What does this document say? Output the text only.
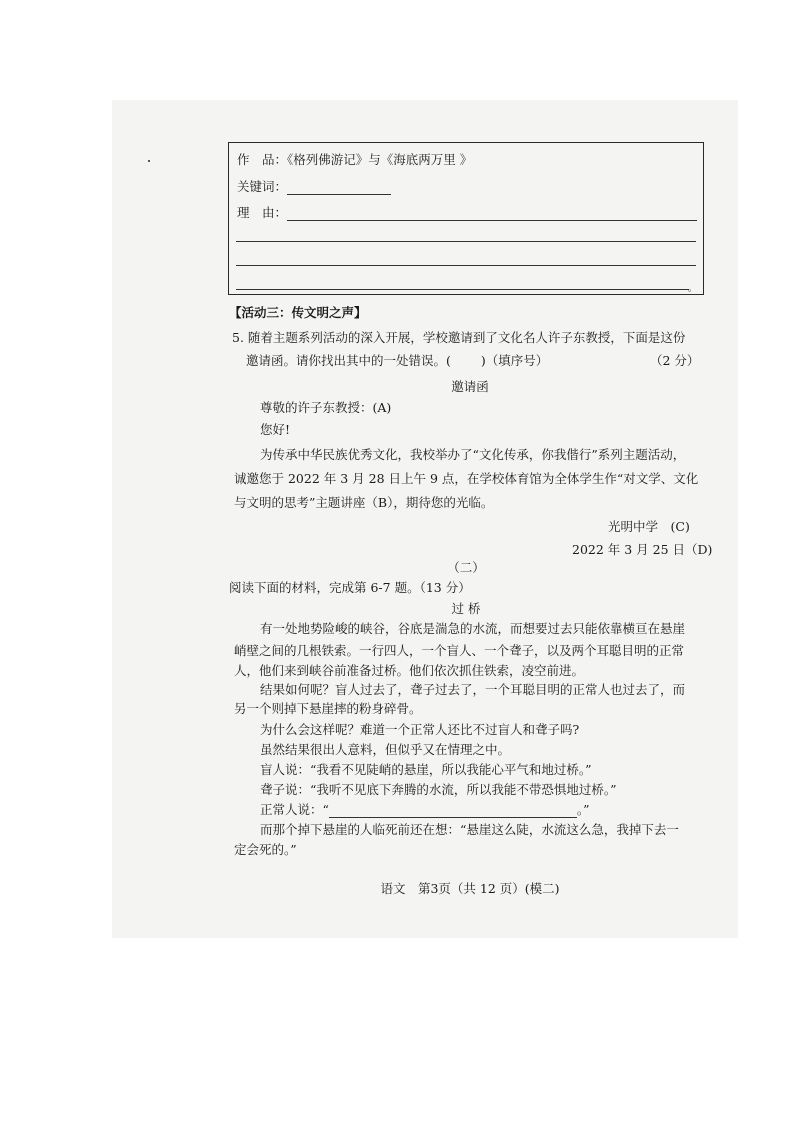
作　品：《格列佛游记》与《海底两万里 》
关键词：
理　由：
。
【活动三：传文明之声】
5. 随着主题系列活动的深入开展，学校邀请到了文化名人许子东教授，下面是这份
邀请函。请你找出其中的一处错误。( )（填序号）	（2 分）
邀请函
尊敬的许子东教授：(A)
您好!
为传承中华民族优秀文化，我校举办了“文化传承，你我偕行”系列主题活动，
诚邀您于 2022 年 3 月 28 日上午 9 点，在学校体育馆为全体学生作“对文学、文化
与文明的思考”主题讲座（B），期待您的光临。
光明中学　(C)
2022 年 3 月 25 日（D)
（二）
阅读下面的材料，完成第 6-7 题。（13 分）
过 桥
有一处地势险峻的峡谷，谷底是湍急的水流，而想要过去只能依靠横亘在悬崖
峭壁之间的几根铁索。一行四人，一个盲人、一个聋子，以及两个耳聪目明的正常
人，他们来到峡谷前准备过桥。他们依次抓住铁索，凌空前进。
结果如何呢？盲人过去了，聋子过去了，一个耳聪目明的正常人也过去了，而
另一个则掉下悬崖摔的粉身碎骨。
为什么会这样呢？难道一个正常人还比不过盲人和聋子吗?
虽然结果很出人意料，但似乎又在情理之中。
盲人说：“我看不见陡峭的悬崖，所以我能心平气和地过桥。”
聋子说：“我听不见底下奔腾的水流，所以我能不带恐惧地过桥。”
正常人说：“	。”
而那个掉下悬崖的人临死前还在想：“悬崖这么陡，水流这么急，我掉下去一
定会死的。”
语文　第3页（共 12 页）(模二)
